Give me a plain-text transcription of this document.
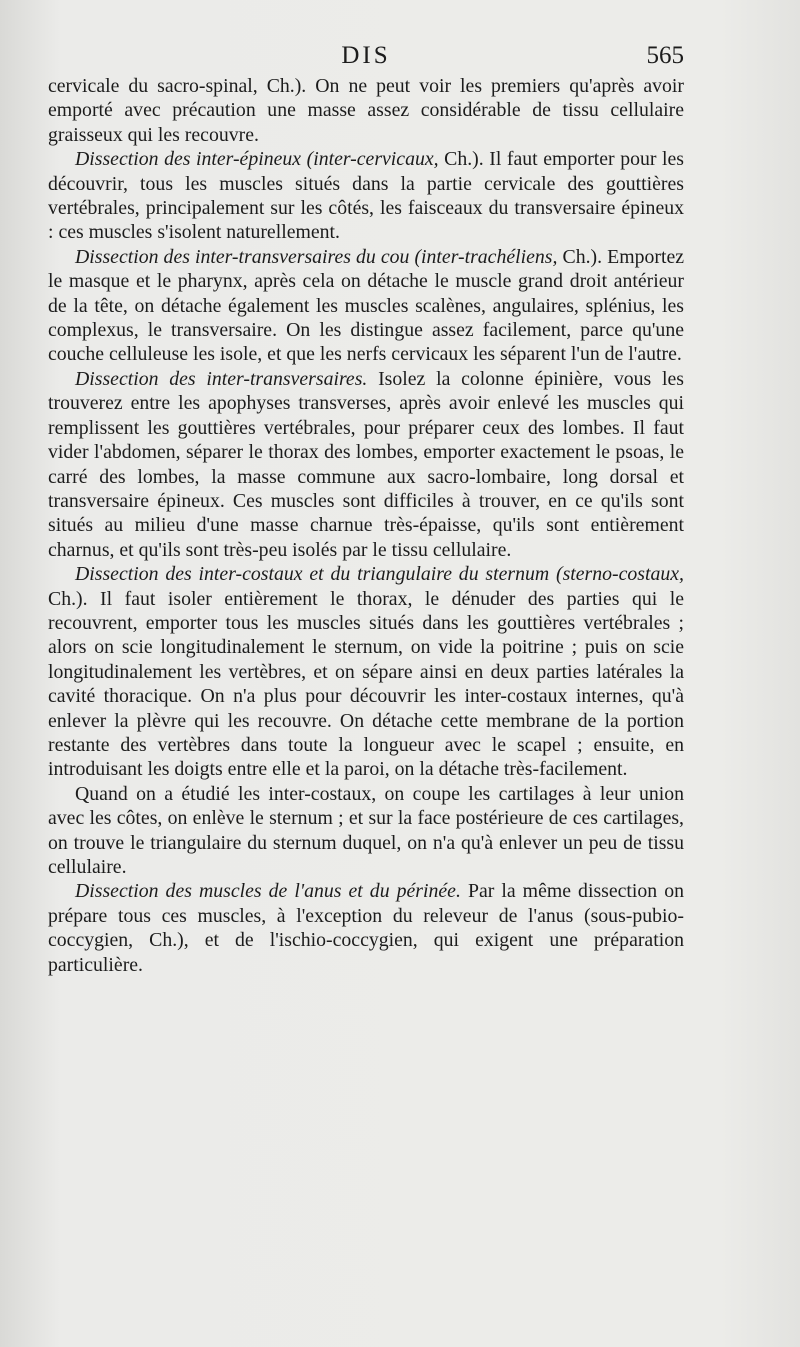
DIS	565

cervicale du sacro-spinal, Ch.). On ne peut voir les premiers qu'après avoir emporté avec précaution une masse assez considérable de tissu cellulaire graisseux qui les recouvre.

Dissection des inter-épineux (inter-cervicaux, Ch.). Il faut emporter pour les découvrir, tous les muscles situés dans la partie cervicale des gouttières vertébrales, principalement sur les côtés, les faisceaux du transversaire épineux : ces muscles s'isolent naturellement.

Dissection des inter-transversaires du cou (inter-trachéliens, Ch.). Emportez le masque et le pharynx, après cela on détache le muscle grand droit antérieur de la tête, on détache également les muscles scalènes, angulaires, splénius, les complexus, le transversaire. On les distingue assez facilement, parce qu'une couche celluleuse les isole, et que les nerfs cervicaux les séparent l'un de l'autre.

Dissection des inter-transversaires. Isolez la colonne épinière, vous les trouverez entre les apophyses transverses, après avoir enlevé les muscles qui remplissent les gouttières vertébrales, pour préparer ceux des lombes. Il faut vider l'abdomen, séparer le thorax des lombes, emporter exactement le psoas, le carré des lombes, la masse commune aux sacro-lombaire, long dorsal et transversaire épineux. Ces muscles sont difficiles à trouver, en ce qu'ils sont situés au milieu d'une masse charnue très-épaisse, qu'ils sont entièrement charnus, et qu'ils sont très-peu isolés par le tissu cellulaire.

Dissection des inter-costaux et du triangulaire du sternum (sterno-costaux, Ch.). Il faut isoler entièrement le thorax, le dénuder des parties qui le recouvrent, emporter tous les muscles situés dans les gouttières vertébrales ; alors on scie longitudinalement le sternum, on vide la poitrine ; puis on scie longitudinalement les vertèbres, et on sépare ainsi en deux parties latérales la cavité thoracique. On n'a plus pour découvrir les inter-costaux internes, qu'à enlever la plèvre qui les recouvre. On détache cette membrane de la portion restante des vertèbres dans toute la longueur avec le scapel ; ensuite, en introduisant les doigts entre elle et la paroi, on la détache très-facilement.

Quand on a étudié les inter-costaux, on coupe les cartilages à leur union avec les côtes, on enlève le sternum ; et sur la face postérieure de ces cartilages, on trouve le triangulaire du sternum duquel, on n'a qu'à enlever un peu de tissu cellulaire.

Dissection des muscles de l'anus et du périnée. Par la même dissection on prépare tous ces muscles, à l'exception du releveur de l'anus (sous-pubio-coccygien, Ch.), et de l'ischio-coccygien, qui exigent une préparation particulière.
